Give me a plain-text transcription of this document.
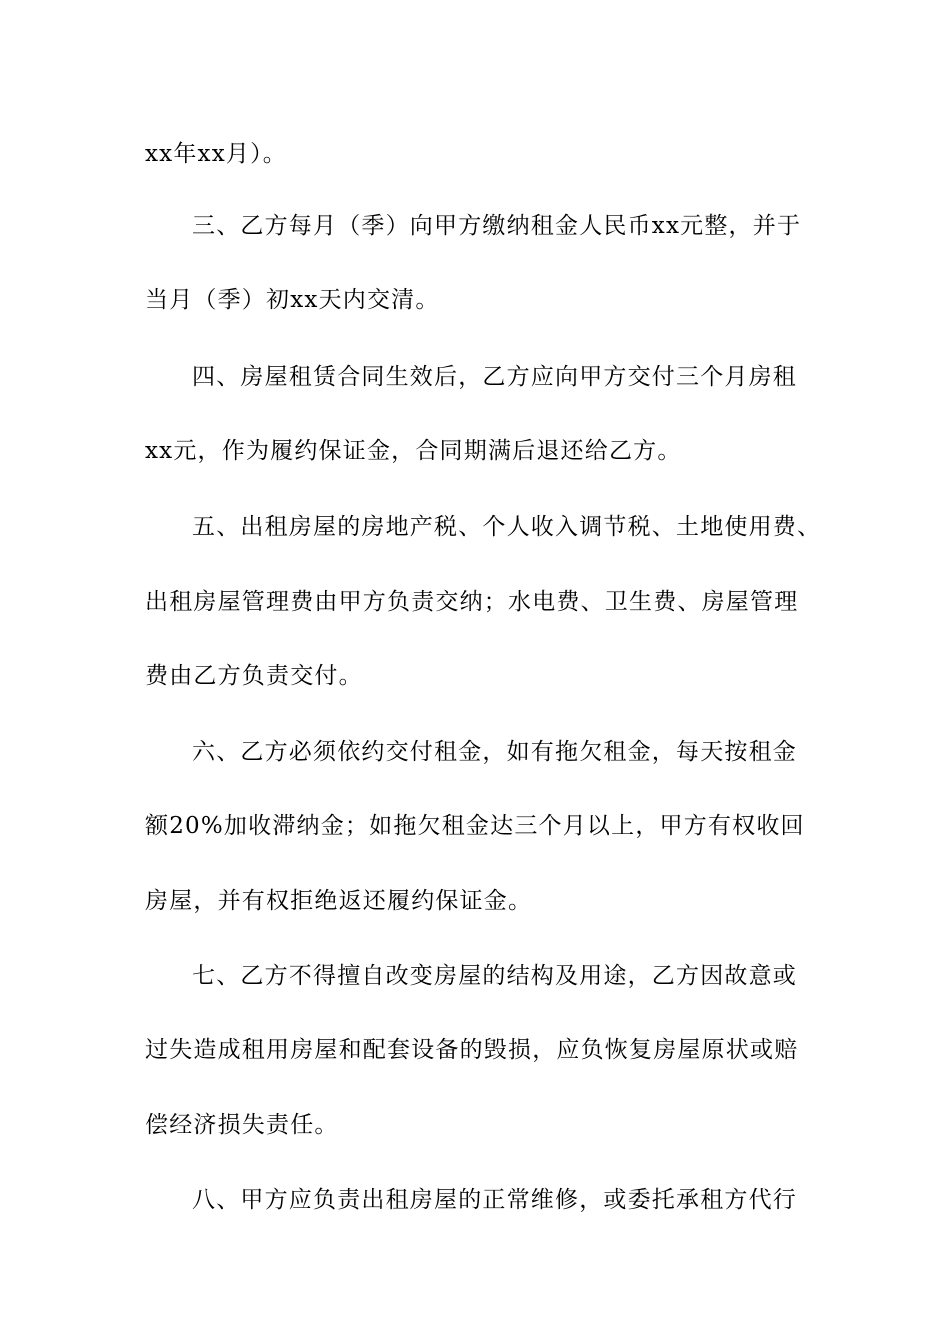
xx年xx月）。
三、乙方每月（季）向甲方缴纳租金人民币xx元整，并于
当月（季）初xx天内交清。
四、房屋租赁合同生效后，乙方应向甲方交付三个月房租
xx元，作为履约保证金，合同期满后退还给乙方。
五、出租房屋的房地产税、个人收入调节税、土地使用费、
出租房屋管理费由甲方负责交纳；水电费、卫生费、房屋管理
费由乙方负责交付。
六、乙方必须依约交付租金，如有拖欠租金，每天按租金
额20%加收滞纳金；如拖欠租金达三个月以上，甲方有权收回
房屋，并有权拒绝返还履约保证金。
七、乙方不得擅自改变房屋的结构及用途，乙方因故意或
过失造成租用房屋和配套设备的毁损，应负恢复房屋原状或赔
偿经济损失责任。
八、甲方应负责出租房屋的正常维修，或委托承租方代行
